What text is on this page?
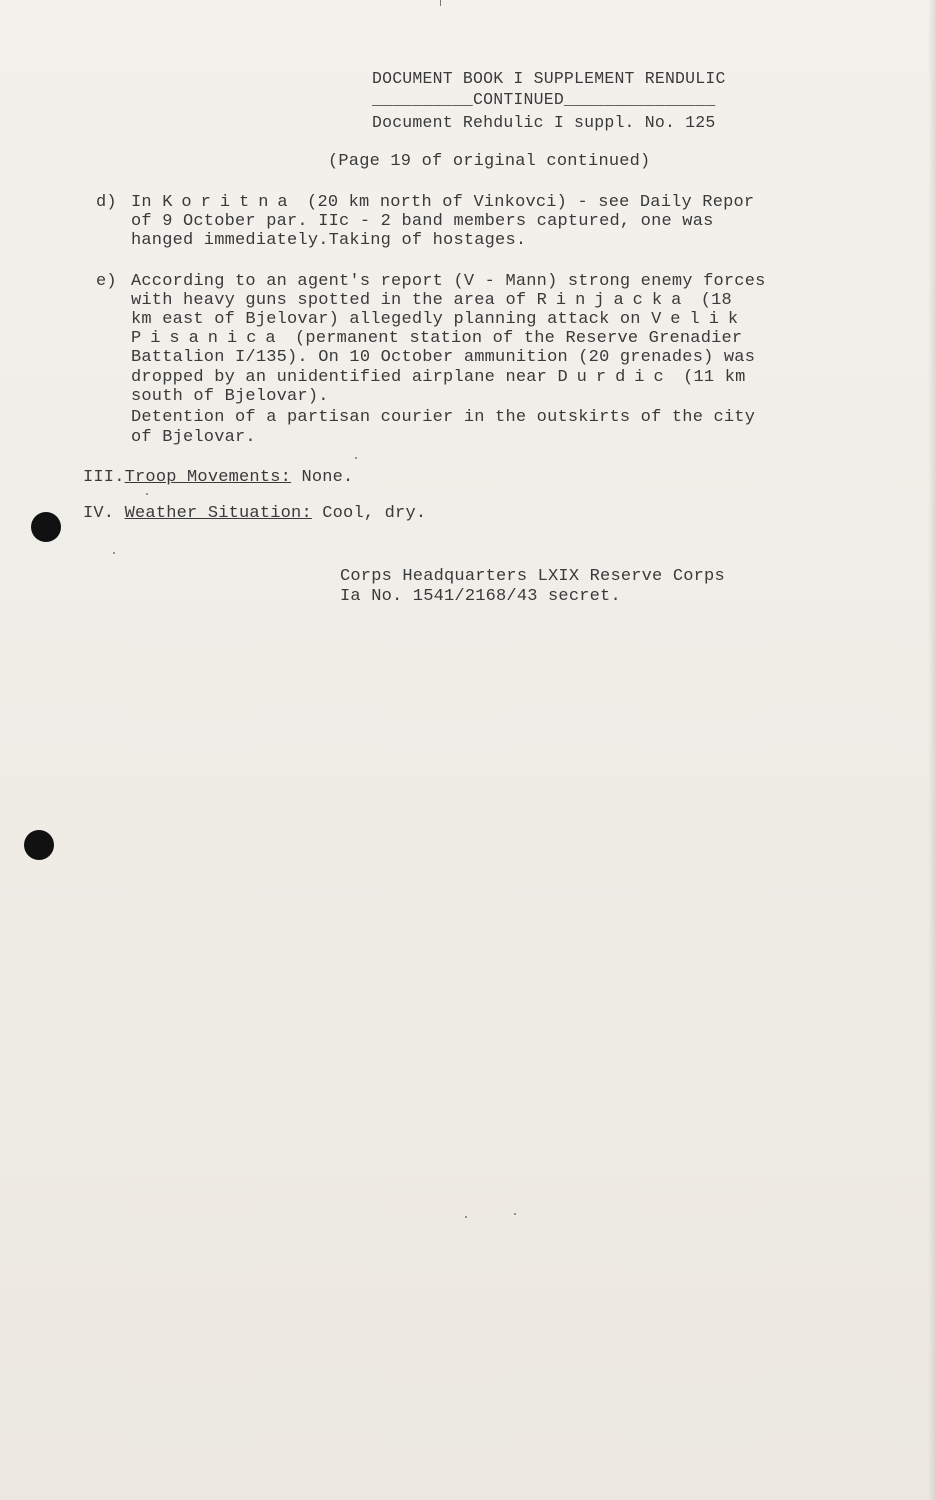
DOCUMENT BOOK I SUPPLEMENT RENDULIC
__________CONTINUED_______________
Document Rehdulic I suppl. No. 125
(Page 19 of original continued)
d) In Koritna (20 km north of Vinkovci) - see Daily Repor
of 9 October par. IIc - 2 band members captured, one was
hanged immediately.Taking of hostages.
e) According to an agent's report (V - Mann) strong enemy forces
with heavy guns spotted in the area of Rinjacka (18
km east of Bjelovar) allegedly planning attack on Velik
Pisanica (permanent station of the Reserve Grenadier
Battalion I/135). On 10 October ammunition (20 grenades) was
dropped by an unidentified airplane near Durdic (11 km
south of Bjelovar).
Detention of a partisan courier in the outskirts of the city
of Bjelovar.
III.Troop Movements: None.
IV. Weather Situation: Cool, dry.
Corps Headquarters LXIX Reserve Corps
Ia No. 1541/2168/43 secret.
